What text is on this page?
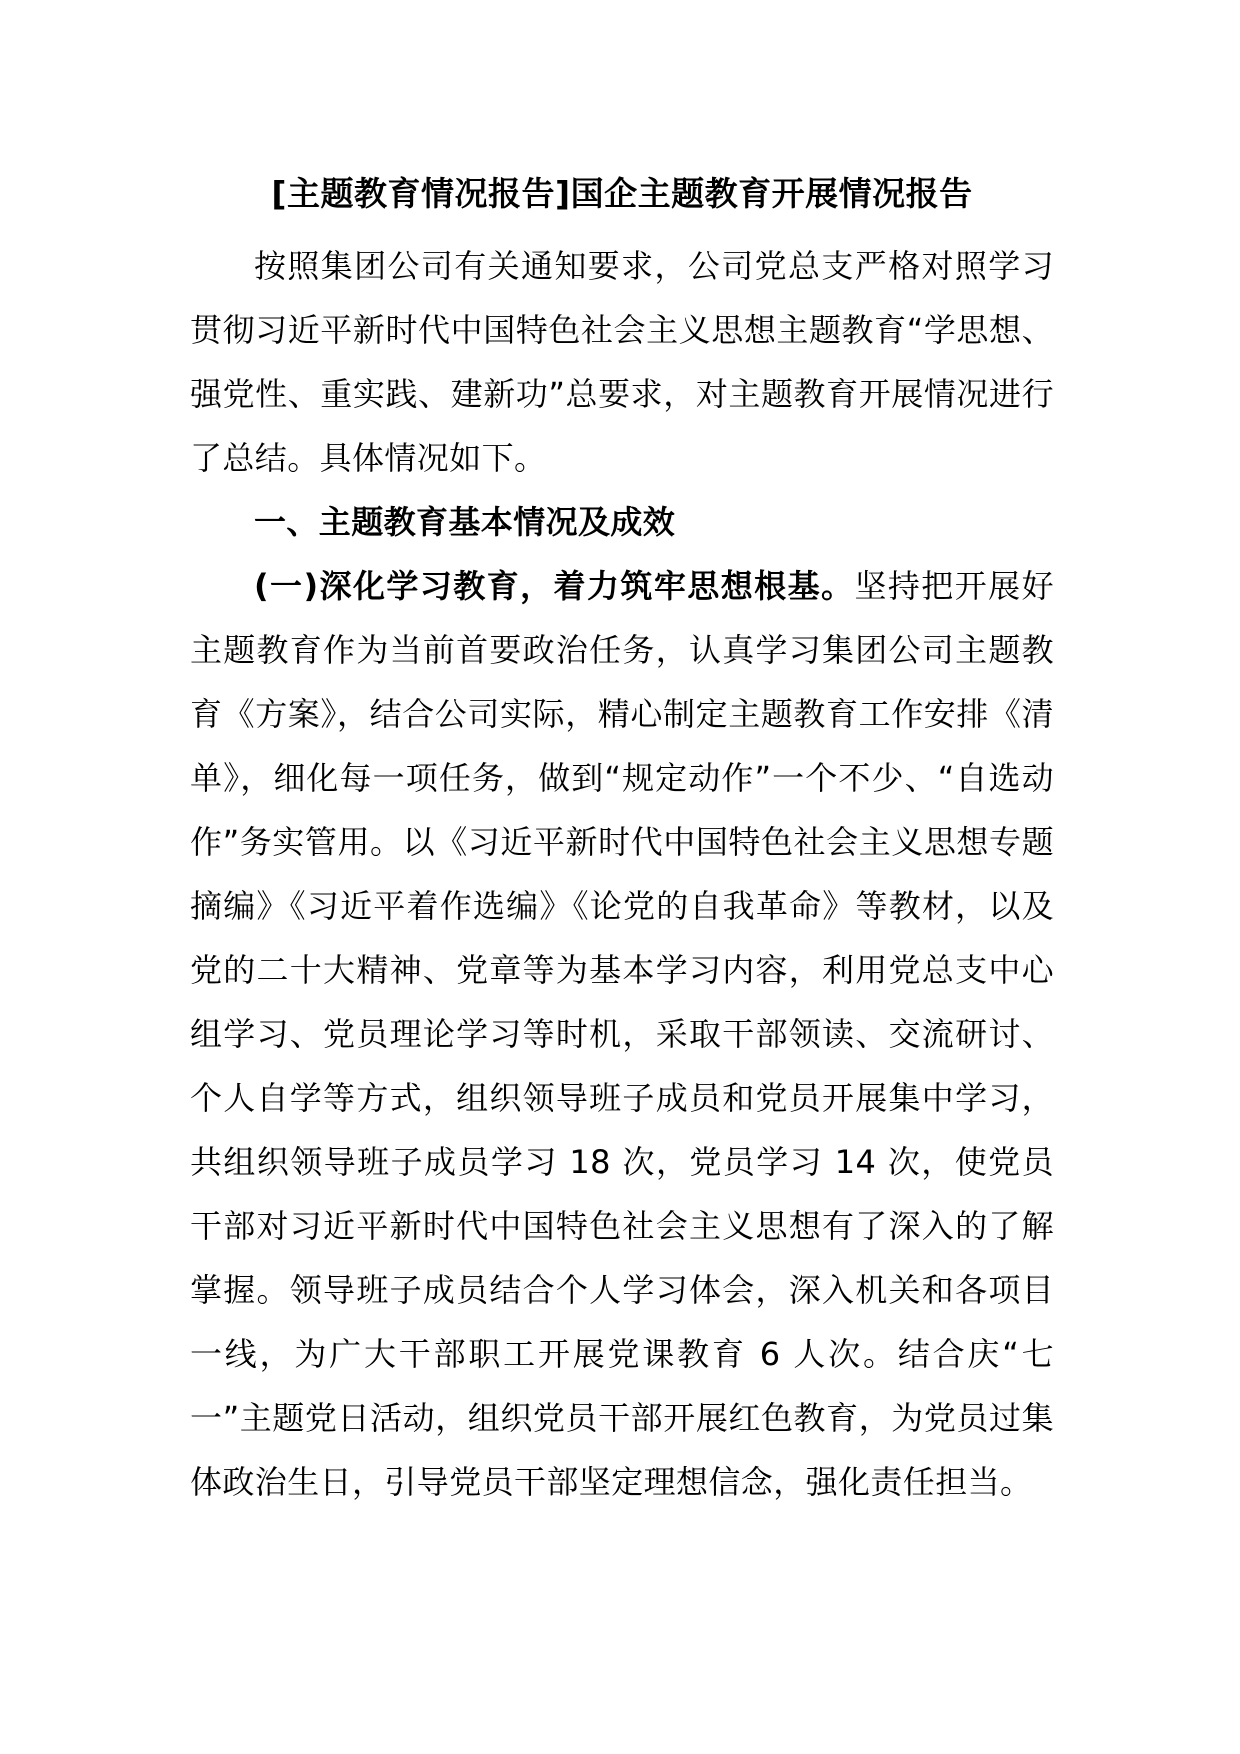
[主题教育情况报告]国企主题教育开展情况报告

按照集团公司有关通知要求，公司党总支严格对照学习贯彻习近平新时代中国特色社会主义思想主题教育“学思想、强党性、重实践、建新功”总要求，对主题教育开展情况进行了总结。具体情况如下。

一、主题教育基本情况及成效

(一)深化学习教育，着力筑牢思想根基。坚持把开展好主题教育作为当前首要政治任务，认真学习集团公司主题教育《方案》，结合公司实际，精心制定主题教育工作安排《清单》，细化每一项任务，做到“规定动作”一个不少、“自选动作”务实管用。以《习近平新时代中国特色社会主义思想专题摘编》《习近平着作选编》《论党的自我革命》等教材，以及党的二十大精神、党章等为基本学习内容，利用党总支中心组学习、党员理论学习等时机，采取干部领读、交流研讨、个人自学等方式，组织领导班子成员和党员开展集中学习，共组织领导班子成员学习 18 次，党员学习 14 次，使党员干部对习近平新时代中国特色社会主义思想有了深入的了解掌握。领导班子成员结合个人学习体会，深入机关和各项目一线，为广大干部职工开展党课教育 6 人次。结合庆“七一”主题党日活动，组织党员干部开展红色教育，为党员过集体政治生日，引导党员干部坚定理想信念，强化责任担当。
